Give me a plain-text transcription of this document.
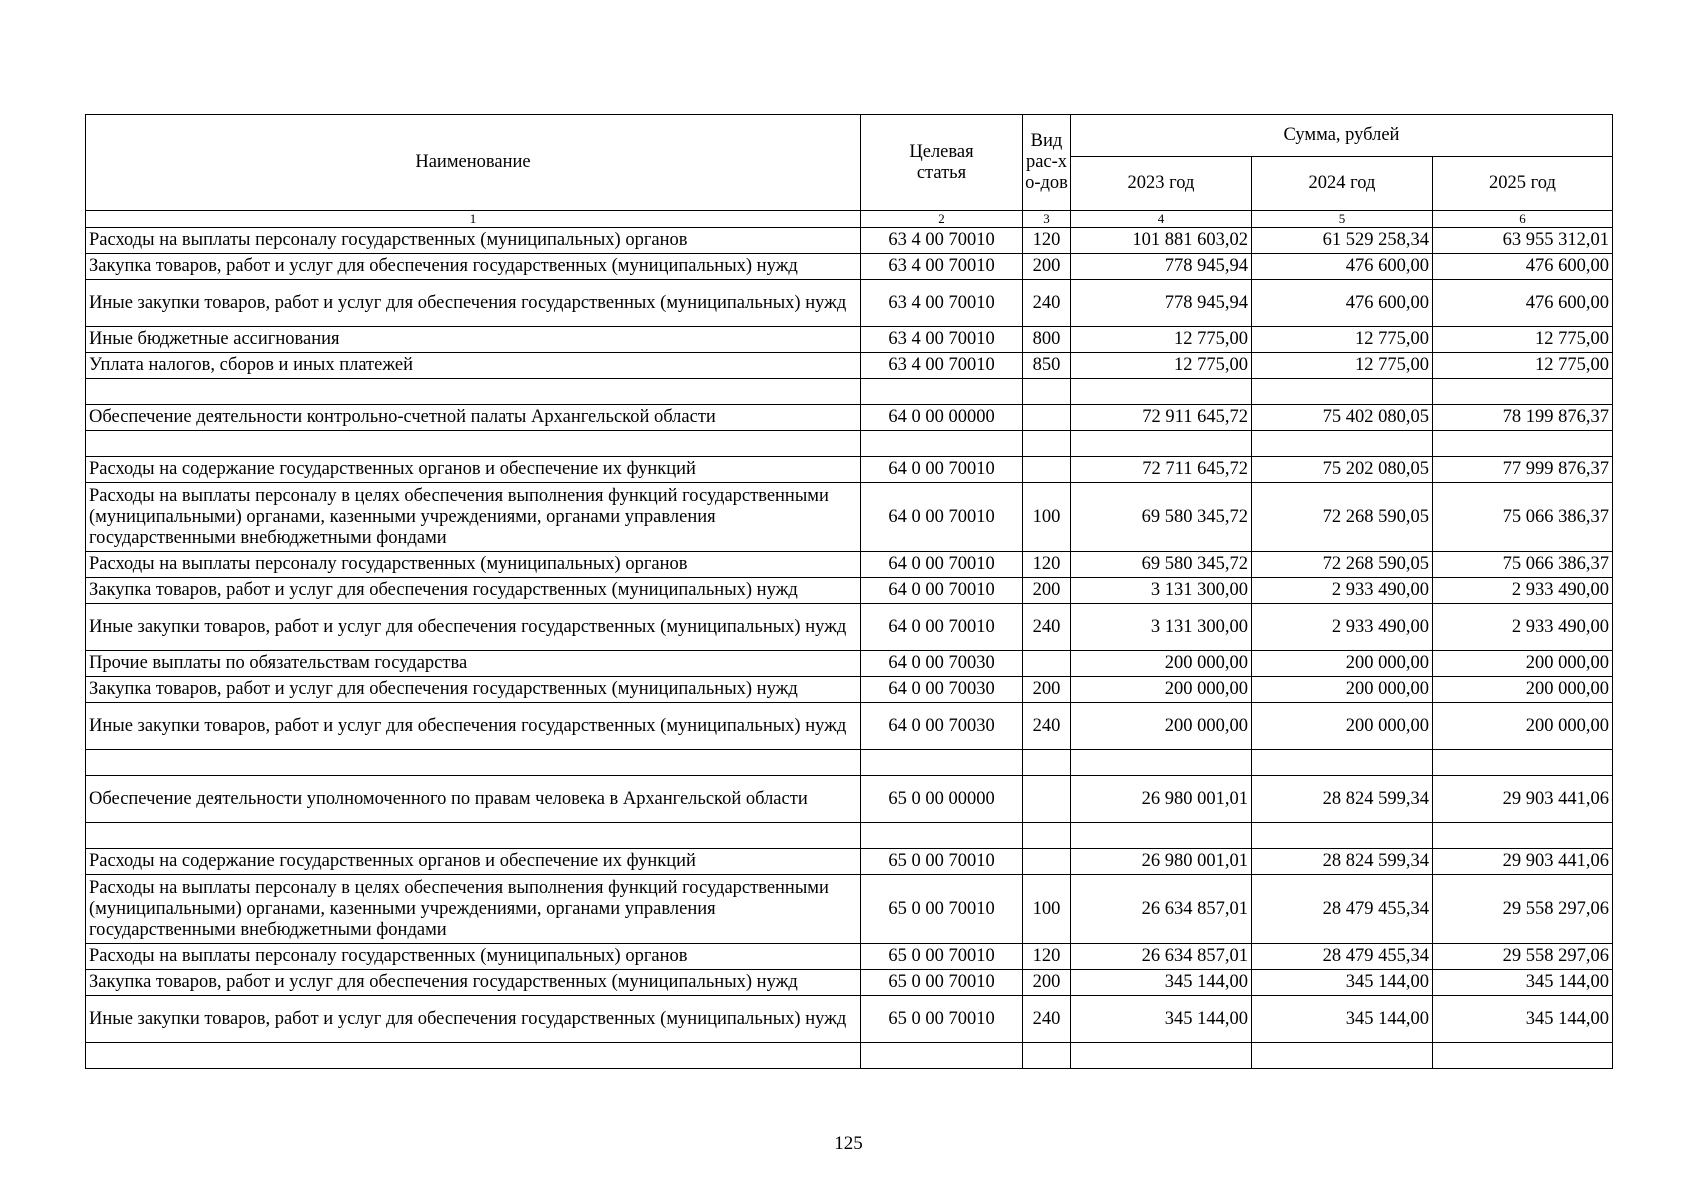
Наименование	Целевая статья	Вид рас-хо-дов	Сумма, рублей		
			2023 год	2024 год	2025 год
1	2	3	4	5	6
Расходы на выплаты персоналу государственных (муниципальных) органов	63 4 00 70010	120	101 881 603,02	61 529 258,34	63 955 312,01
Закупка товаров, работ и услуг для обеспечения государственных (муниципальных) нужд	63 4 00 70010	200	778 945,94	476 600,00	476 600,00
Иные закупки товаров, работ и услуг для обеспечения государственных (муниципальных) нужд	63 4 00 70010	240	778 945,94	476 600,00	476 600,00
Иные бюджетные ассигнования	63 4 00 70010	800	12 775,00	12 775,00	12 775,00
Уплата налогов, сборов и иных платежей	63 4 00 70010	850	12 775,00	12 775,00	12 775,00

Обеспечение деятельности контрольно-счетной палаты Архангельской области	64 0 00 00000		72 911 645,72	75 402 080,05	78 199 876,37

Расходы на содержание государственных органов и обеспечение их функций	64 0 00 70010		72 711 645,72	75 202 080,05	77 999 876,37
Расходы на выплаты персоналу в целях обеспечения выполнения функций государственными (муниципальными) органами, казенными учреждениями, органами управления государственными внебюджетными фондами	64 0 00 70010	100	69 580 345,72	72 268 590,05	75 066 386,37
Расходы на выплаты персоналу государственных (муниципальных) органов	64 0 00 70010	120	69 580 345,72	72 268 590,05	75 066 386,37
Закупка товаров, работ и услуг для обеспечения государственных (муниципальных) нужд	64 0 00 70010	200	3 131 300,00	2 933 490,00	2 933 490,00
Иные закупки товаров, работ и услуг для обеспечения государственных (муниципальных) нужд	64 0 00 70010	240	3 131 300,00	2 933 490,00	2 933 490,00
Прочие выплаты по обязательствам государства	64 0 00 70030		200 000,00	200 000,00	200 000,00
Закупка товаров, работ и услуг для обеспечения государственных (муниципальных) нужд	64 0 00 70030	200	200 000,00	200 000,00	200 000,00
Иные закупки товаров, работ и услуг для обеспечения государственных (муниципальных) нужд	64 0 00 70030	240	200 000,00	200 000,00	200 000,00

Обеспечение деятельности уполномоченного по правам человека в Архангельской области	65 0 00 00000		26 980 001,01	28 824 599,34	29 903 441,06

Расходы на содержание государственных органов и обеспечение их функций	65 0 00 70010		26 980 001,01	28 824 599,34	29 903 441,06
Расходы на выплаты персоналу в целях обеспечения выполнения функций государственными (муниципальными) органами, казенными учреждениями, органами управления государственными внебюджетными фондами	65 0 00 70010	100	26 634 857,01	28 479 455,34	29 558 297,06
Расходы на выплаты персоналу государственных (муниципальных) органов	65 0 00 70010	120	26 634 857,01	28 479 455,34	29 558 297,06
Закупка товаров, работ и услуг для обеспечения государственных (муниципальных) нужд	65 0 00 70010	200	345 144,00	345 144,00	345 144,00
Иные закупки товаров, работ и услуг для обеспечения государственных (муниципальных) нужд	65 0 00 70010	240	345 144,00	345 144,00	345 144,00

125
